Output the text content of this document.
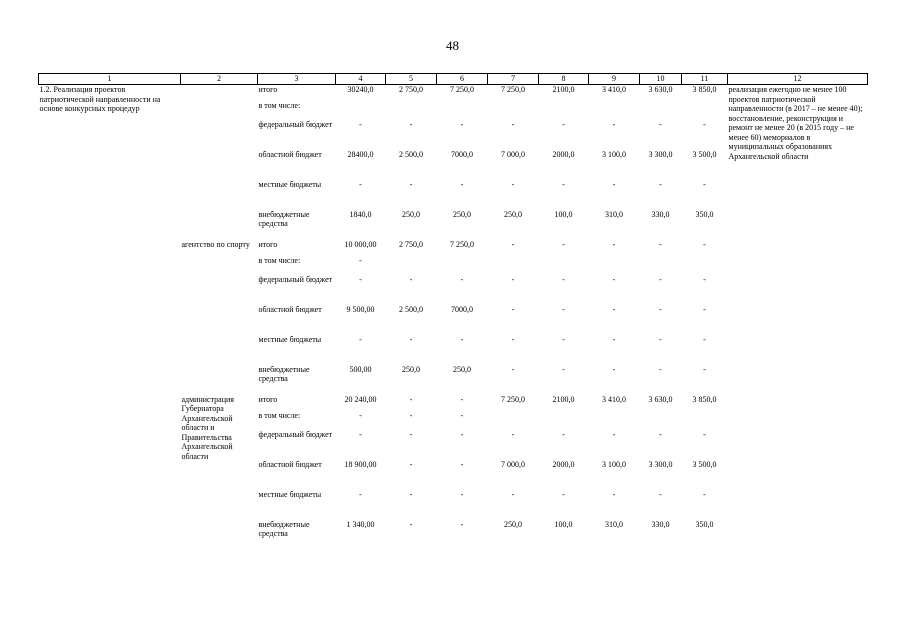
48
1	2	3	4	5	6	7	8	9	10	11	12
1.2. Реализация проектов патриотической направленности на основе конкурсных процедур		итого	30240,0	2 750,0	7 250,0	7 250,0	2100,0	3 410,0	3 630,0	3 850,0	реализация ежегодно не менее 100 проектов патриотической направленности (в 2017 – не менее 40); восстановление, реконструкция и ремонт не менее 20 (в 2015 году – не менее 60) мемориалов в муниципальных образованиях Архангельской области
		в том числе:									
		федеральный бюджет	-	-	-	-	-	-	-	-	
		областной бюджет	28400,0	2 500,0	7000,0	7 000,0	2000,0	3 100,0	3 300,0	3 500,0	
		местные бюджеты	-	-	-	-	-	-	-	-	
		внебюджетные средства	1840,0	250,0	250,0	250,0	100,0	310,0	330,0	350,0	
	агентство по спорту	итого	10 000,00	2 750,0	7 250,0	-	-	-	-	-	
		в том числе:	-								
		федеральный бюджет	-	-	-	-	-	-	-	-	
		областной бюджет	9 500,00	2 500,0	7000,0	-	-	-	-	-	
		местные бюджеты	-	-	-	-	-	-	-	-	
		внебюджетные средства	500,00	250,0	250,0	-	-	-	-	-	
	администрация Губернатора Архангельской области и Правительства Архангельской области	итого	20 240,00	-	-	7 250,0	2100,0	3 410,0	3 630,0	3 850,0	
		в том числе:	-	-	-						
		федеральный бюджет	-	-	-	-	-	-	-	-	
		областной бюджет	18 900,00	-	-	7 000,0	2000,0	3 100,0	3 300,0	3 500,0	
		местные бюджеты	-	-	-	-	-	-	-	-	
		внебюджетные средства	1 340,00	-	-	250,0	100,0	310,0	330,0	350,0	
